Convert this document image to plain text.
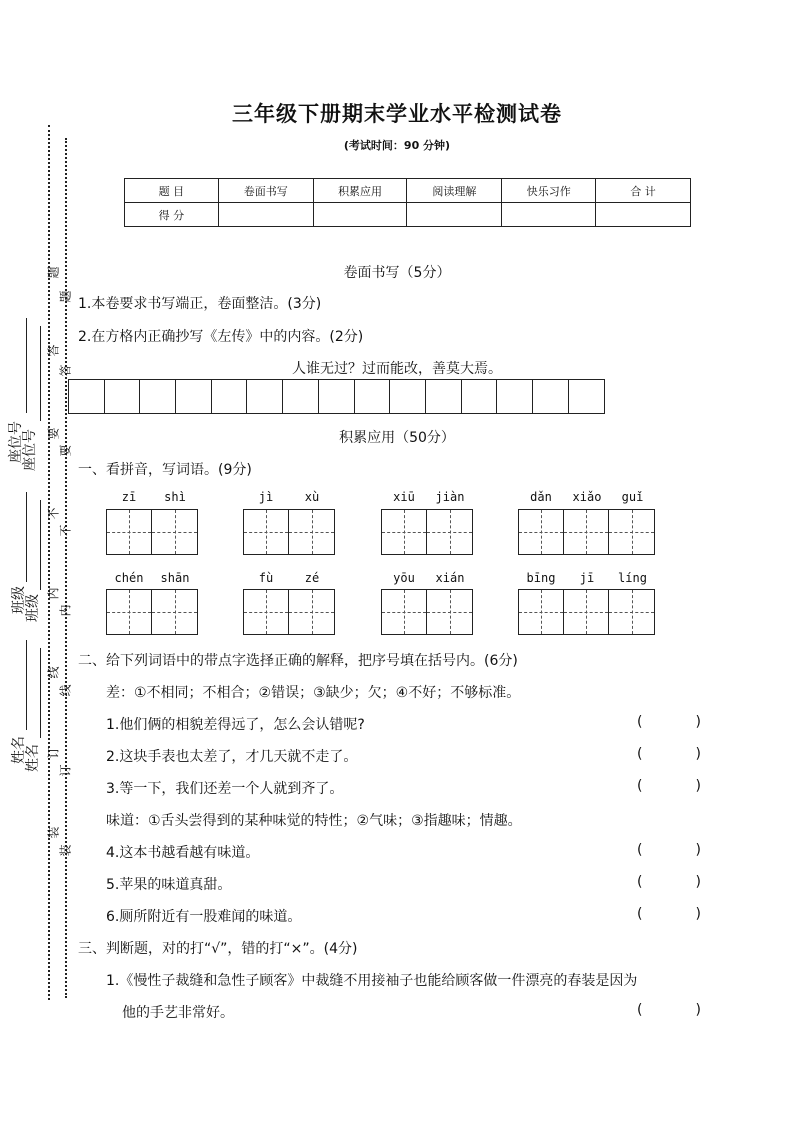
三年级下册期末学业水平检测试卷
(考试时间：90 分钟)
题 目	卷面书写	积累应用	阅读理解	快乐习作	合 计
得 分					
题
答
要
不
内
线
订
装
题
答
要
不
内
线
订
装
座位号
座位号
班级
班级
姓名
姓名
卷面书写（5分）
1.本卷要求书写端正，卷面整洁。(3分)
2.在方格内正确抄写《左传》中的内容。(2分)
人谁无过？过而能改，善莫大焉。
积累应用（50分）
一、看拼音，写词语。(9分)
zī	shì	jì	xù	xiū	jiàn	dǎn	xiǎo	guǐ
chén	shān	fù	zé	yōu	xián	bīng	jī	líng
二、给下列词语中的带点字选择正确的解释，把序号填在括号内。(6分)
差：①不相同；不相合；②错误；③缺少；欠；④不好；不够标准。
1.他们俩的相貌差得远了，怎么会认错呢?	(	)
2.这块手表也太差了，才几天就不走了。	(	)
3.等一下，我们还差一个人就到齐了。	(	)
味道：①舌头尝得到的某种味觉的特性；②气味；③指趣味；情趣。
4.这本书越看越有味道。	(	)
5.苹果的味道真甜。	(	)
6.厕所附近有一股难闻的味道。	(	)
三、判断题，对的打“√”，错的打“×”。(4分)
1.《慢性子裁缝和急性子顾客》中裁缝不用接袖子也能给顾客做一件漂亮的春装是因为
他的手艺非常好。	(	)
